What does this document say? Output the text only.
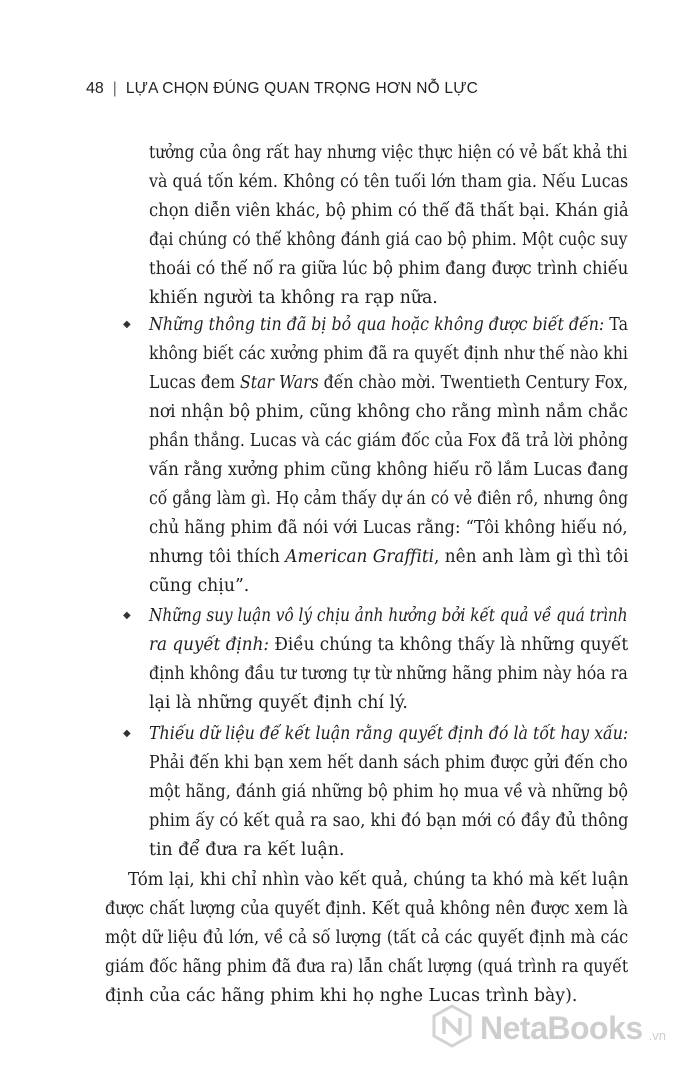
48 | LỰA CHỌN ĐÚNG QUAN TRỌNG HƠN NỖ LỰC
tưởng của ông rất hay nhưng việc thực hiện có vẻ bất khả thi
và quá tốn kém. Không có tên tuổi lớn tham gia. Nếu Lucas
chọn diễn viên khác, bộ phim có thể đã thất bại. Khán giả
đại chúng có thể không đánh giá cao bộ phim. Một cuộc suy
thoái có thể nổ ra giữa lúc bộ phim đang được trình chiếu
khiến người ta không ra rạp nữa.
◆ Những thông tin đã bị bỏ qua hoặc không được biết đến: Ta
không biết các xưởng phim đã ra quyết định như thế nào khi
Lucas đem Star Wars đến chào mời. Twentieth Century Fox,
nơi nhận bộ phim, cũng không cho rằng mình nắm chắc
phần thắng. Lucas và các giám đốc của Fox đã trả lời phỏng
vấn rằng xưởng phim cũng không hiểu rõ lắm Lucas đang
cố gắng làm gì. Họ cảm thấy dự án có vẻ điên rồ, nhưng ông
chủ hãng phim đã nói với Lucas rằng: “Tôi không hiểu nó,
nhưng tôi thích American Graffiti, nên anh làm gì thì tôi
cũng chịu”.
◆ Những suy luận vô lý chịu ảnh hưởng bởi kết quả về quá trình
ra quyết định: Điều chúng ta không thấy là những quyết
định không đầu tư tương tự từ những hãng phim này hóa ra
lại là những quyết định chí lý.
◆ Thiếu dữ liệu để kết luận rằng quyết định đó là tốt hay xấu:
Phải đến khi bạn xem hết danh sách phim được gửi đến cho
một hãng, đánh giá những bộ phim họ mua về và những bộ
phim ấy có kết quả ra sao, khi đó bạn mới có đầy đủ thông
tin để đưa ra kết luận.
Tóm lại, khi chỉ nhìn vào kết quả, chúng ta khó mà kết luận
được chất lượng của quyết định. Kết quả không nên được xem là
một dữ liệu đủ lớn, về cả số lượng (tất cả các quyết định mà các
giám đốc hãng phim đã đưa ra) lẫn chất lượng (quá trình ra quyết
định của các hãng phim khi họ nghe Lucas trình bày).
NetaBooks .vn
